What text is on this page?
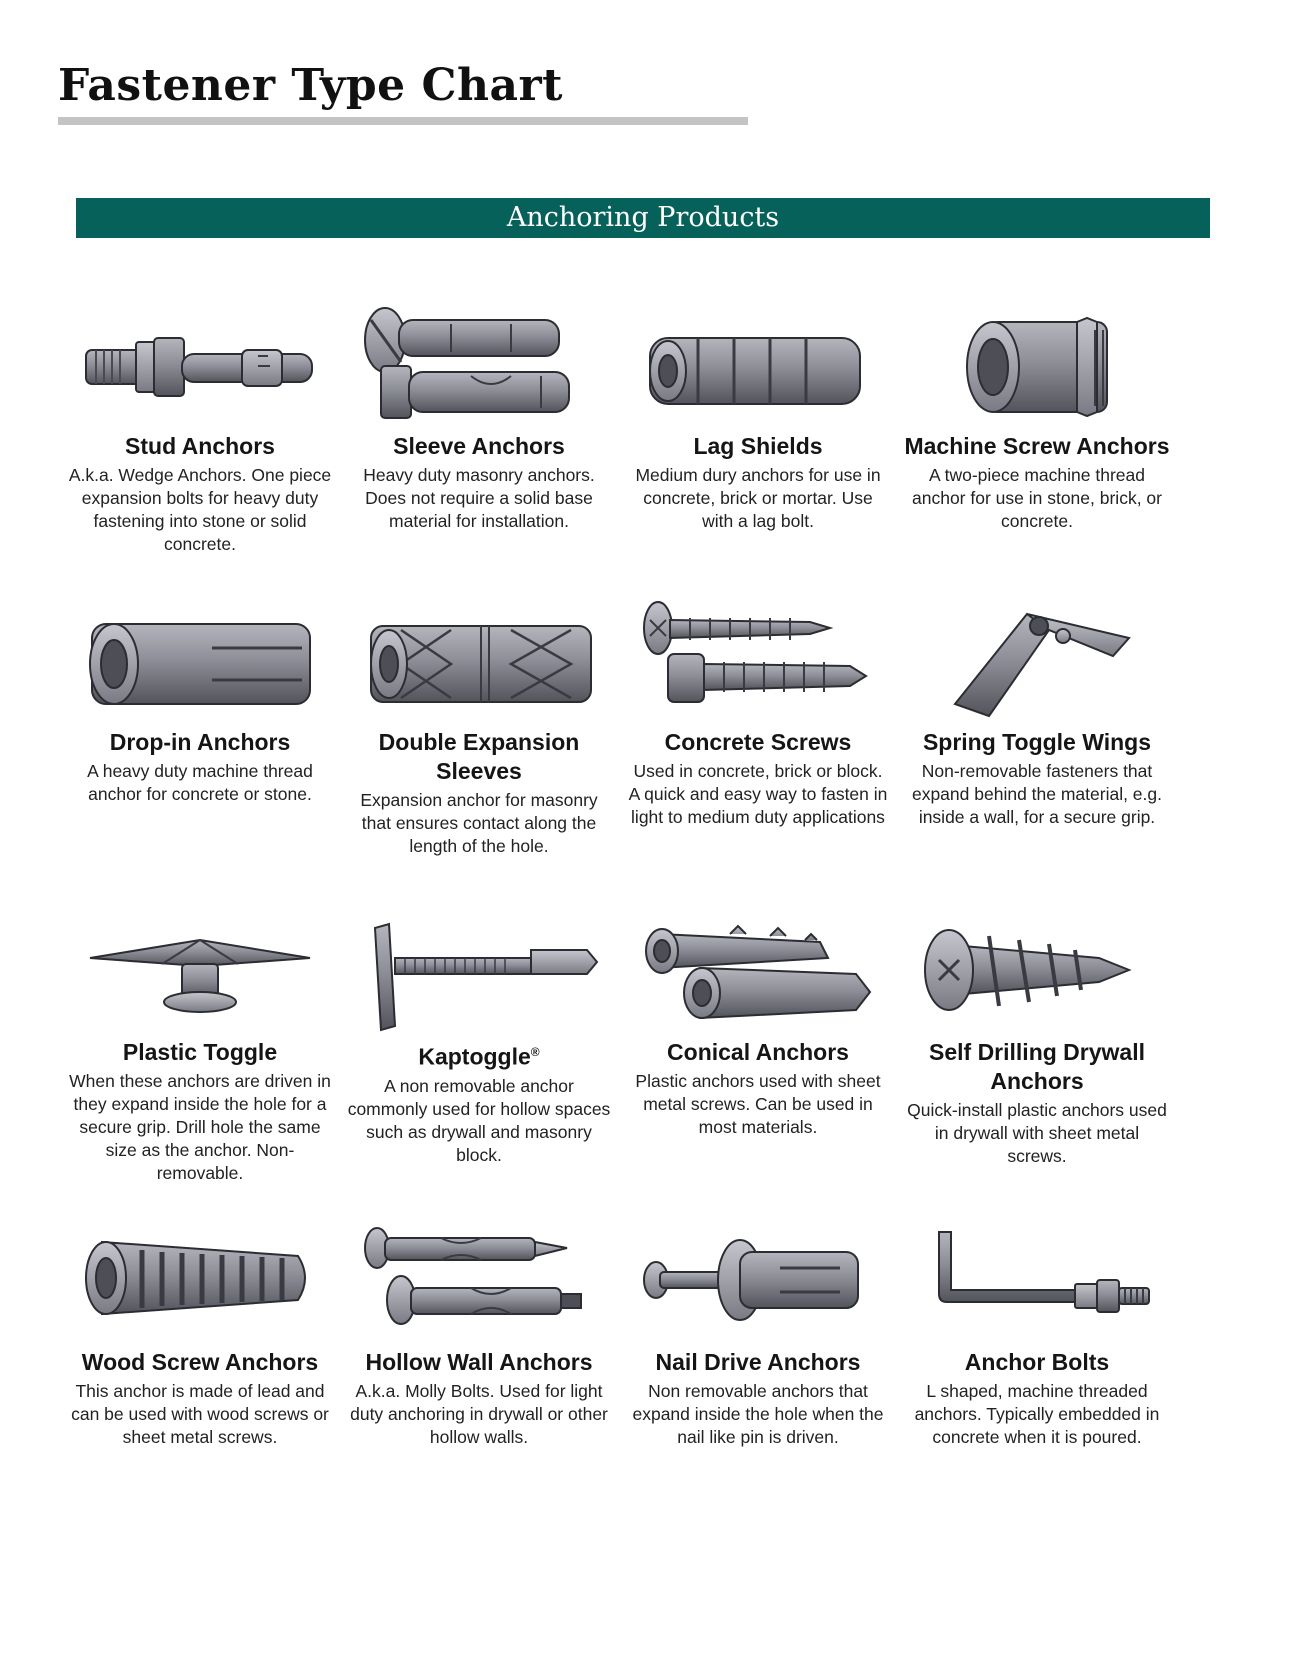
Fastener Type Chart
Anchoring Products
Stud Anchors

A.k.a. Wedge Anchors. One piece expansion bolts for heavy duty fastening into stone or solid concrete.

Sleeve Anchors

Heavy duty masonry anchors. Does not require a solid base material for installation.

Lag Shields

Medium dury anchors for use in concrete, brick or mortar. Use with a lag bolt.

Machine Screw Anchors

A two-piece machine thread anchor for use in stone, brick, or concrete.

Drop-in Anchors

A heavy duty machine thread anchor for concrete or stone.

Double Expansion Sleeves

Expansion anchor for masonry that ensures contact along the length of the hole.

Concrete Screws

Used in concrete, brick or block. A quick and easy way to fasten in light to medium duty applications

Spring Toggle Wings

Non-removable fasteners that expand behind the material, e.g. inside a wall, for a secure grip.

Plastic Toggle

When these anchors are driven in they expand inside the hole for a secure grip. Drill hole the same size as the anchor. Non-removable.

Kaptoggle®

A non removable anchor commonly used for hollow spaces such as drywall and masonry block.

Conical Anchors

Plastic anchors used with sheet metal screws. Can be used in most materials.

Self Drilling Drywall Anchors

Quick-install plastic anchors used in drywall with sheet metal screws.

Wood Screw Anchors

This anchor is made of lead and can be used with wood screws or sheet metal screws.

Hollow Wall Anchors

A.k.a. Molly Bolts. Used for light duty anchoring in drywall or other hollow walls.

Nail Drive Anchors

Non removable anchors that expand inside the hole when the nail like pin is driven.

Anchor Bolts

L shaped, machine threaded anchors. Typically embedded in concrete when it is poured.
